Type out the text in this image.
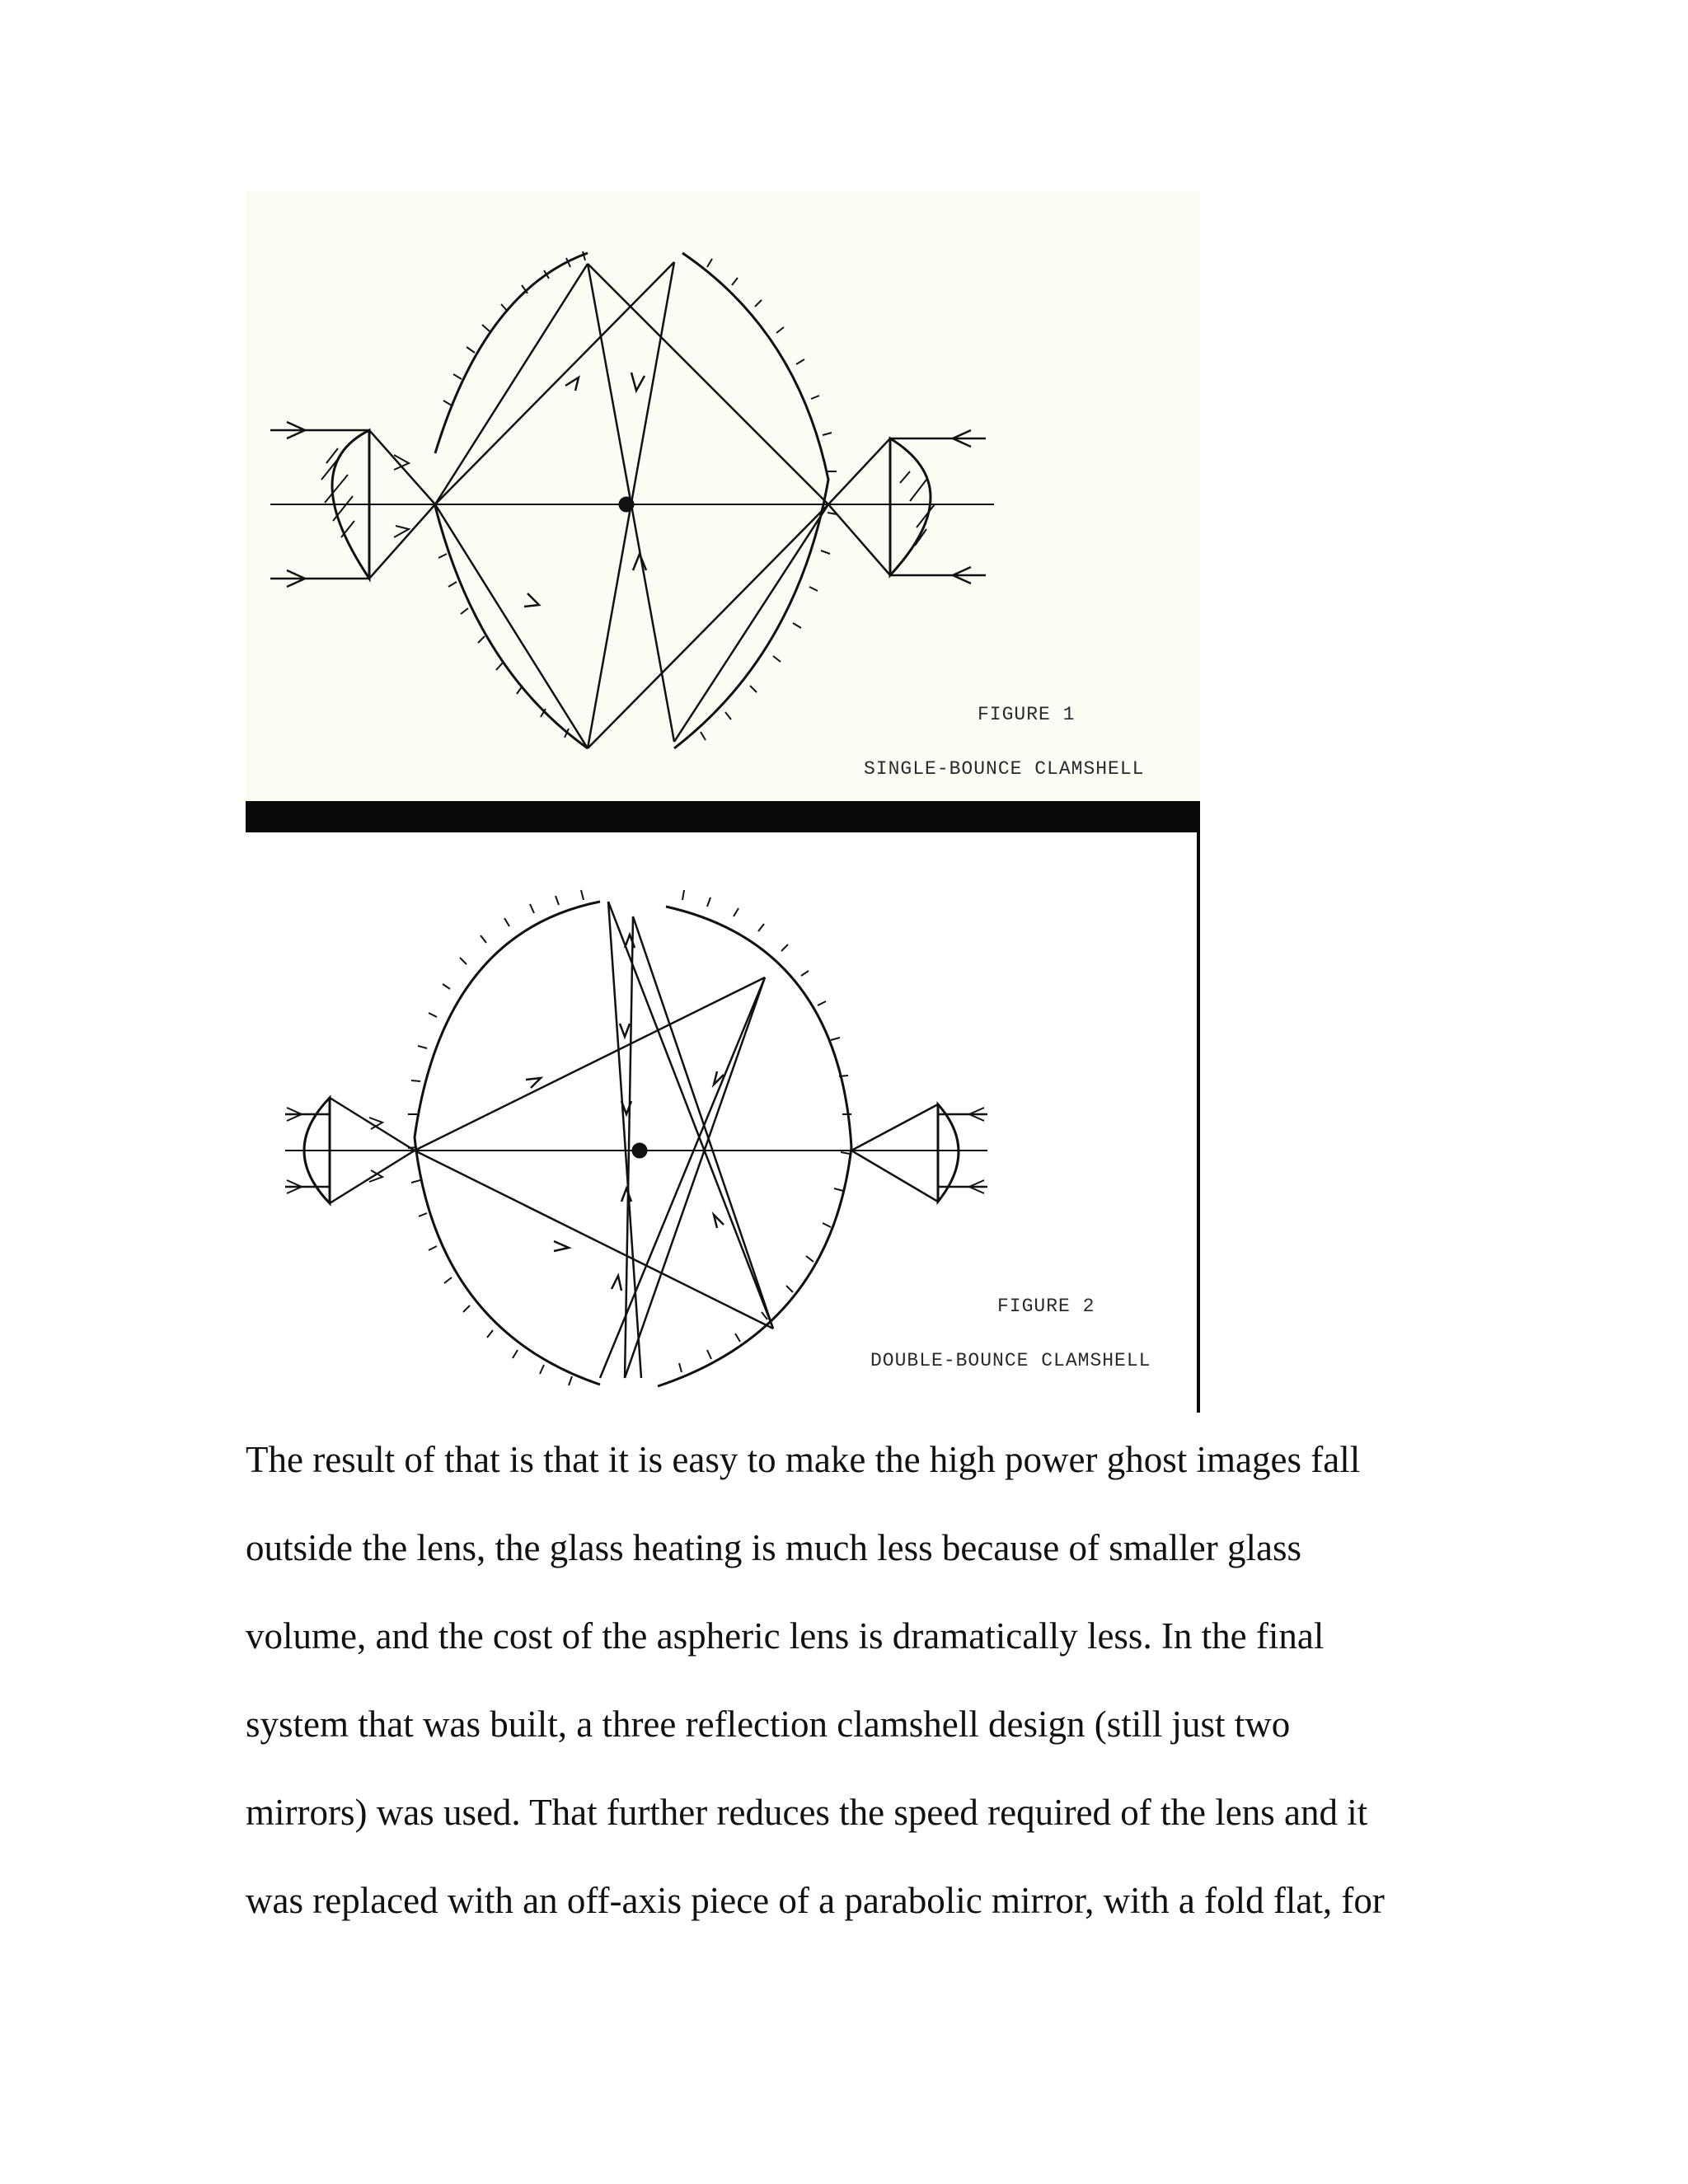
FIGURE 1
SINGLE-BOUNCE CLAMSHELL
FIGURE 2
DOUBLE-BOUNCE CLAMSHELL
The result of that is that it is easy to make the high power ghost images fall
outside the lens, the glass heating is much less because of smaller glass
volume, and the cost of the aspheric lens is dramatically less. In the final
system that was built, a three reflection clamshell design (still just two
mirrors) was used. That further reduces the speed required of the lens and it
was replaced with an off-axis piece of a parabolic mirror, with a fold flat, for
